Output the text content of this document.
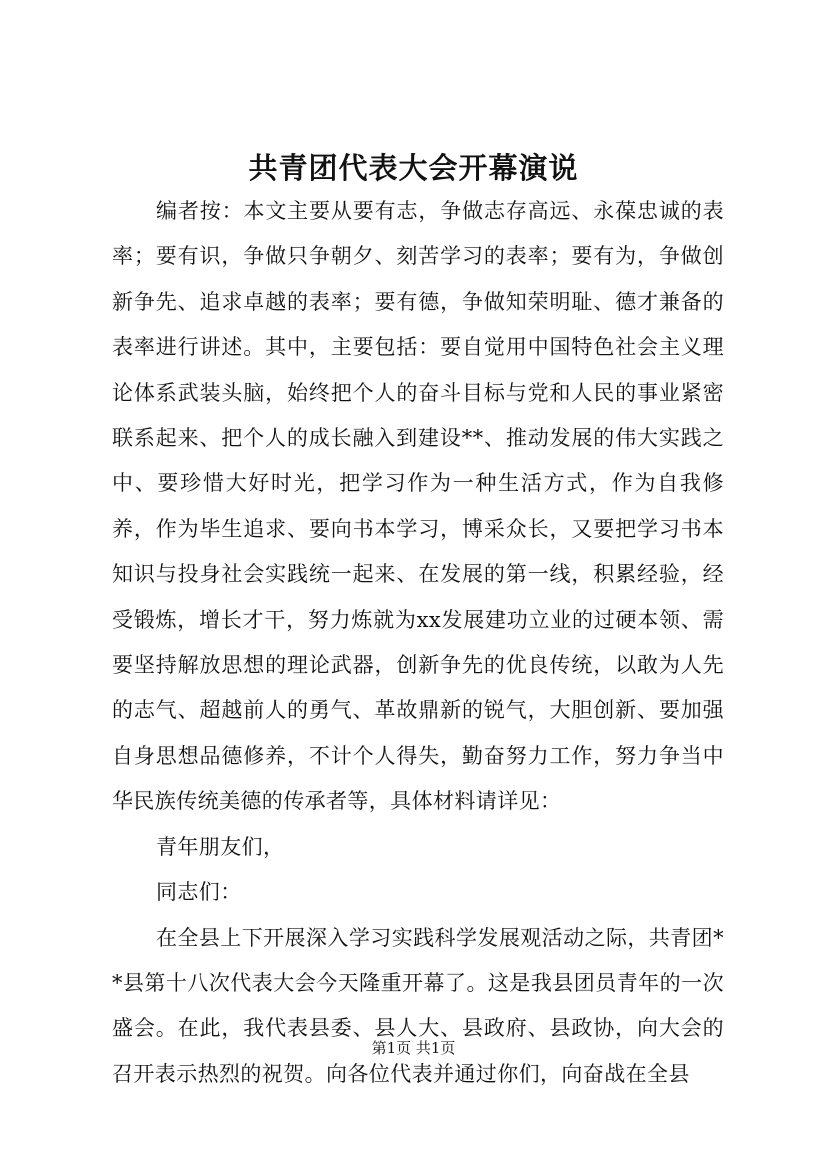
共青团代表大会开幕演说

编者按：本文主要从要有志，争做志存高远、永葆忠诚的表率；要有识，争做只争朝夕、刻苦学习的表率；要有为，争做创新争先、追求卓越的表率；要有德，争做知荣明耻、德才兼备的表率进行讲述。其中，主要包括：要自觉用中国特色社会主义理论体系武装头脑，始终把个人的奋斗目标与党和人民的事业紧密联系起来、把个人的成长融入到建设**、推动发展的伟大实践之中、要珍惜大好时光，把学习作为一种生活方式，作为自我修养，作为毕生追求、要向书本学习，博采众长，又要把学习书本知识与投身社会实践统一起来、在发展的第一线，积累经验，经受锻炼，增长才干，努力炼就为xx发展建功立业的过硬本领、需要坚持解放思想的理论武器，创新争先的优良传统，以敢为人先的志气、超越前人的勇气、革故鼎新的锐气，大胆创新、要加强自身思想品德修养，不计个人得失，勤奋努力工作，努力争当中华民族传统美德的传承者等，具体材料请详见：

青年朋友们，

同志们：

在全县上下开展深入学习实践科学发展观活动之际，共青团**县第十八次代表大会今天隆重开幕了。这是我县团员青年的一次盛会。在此，我代表县委、县人大、县政府、县政协，向大会的召开表示热烈的祝贺。向各位代表并通过你们，向奋战在全县

第1页 共1页
